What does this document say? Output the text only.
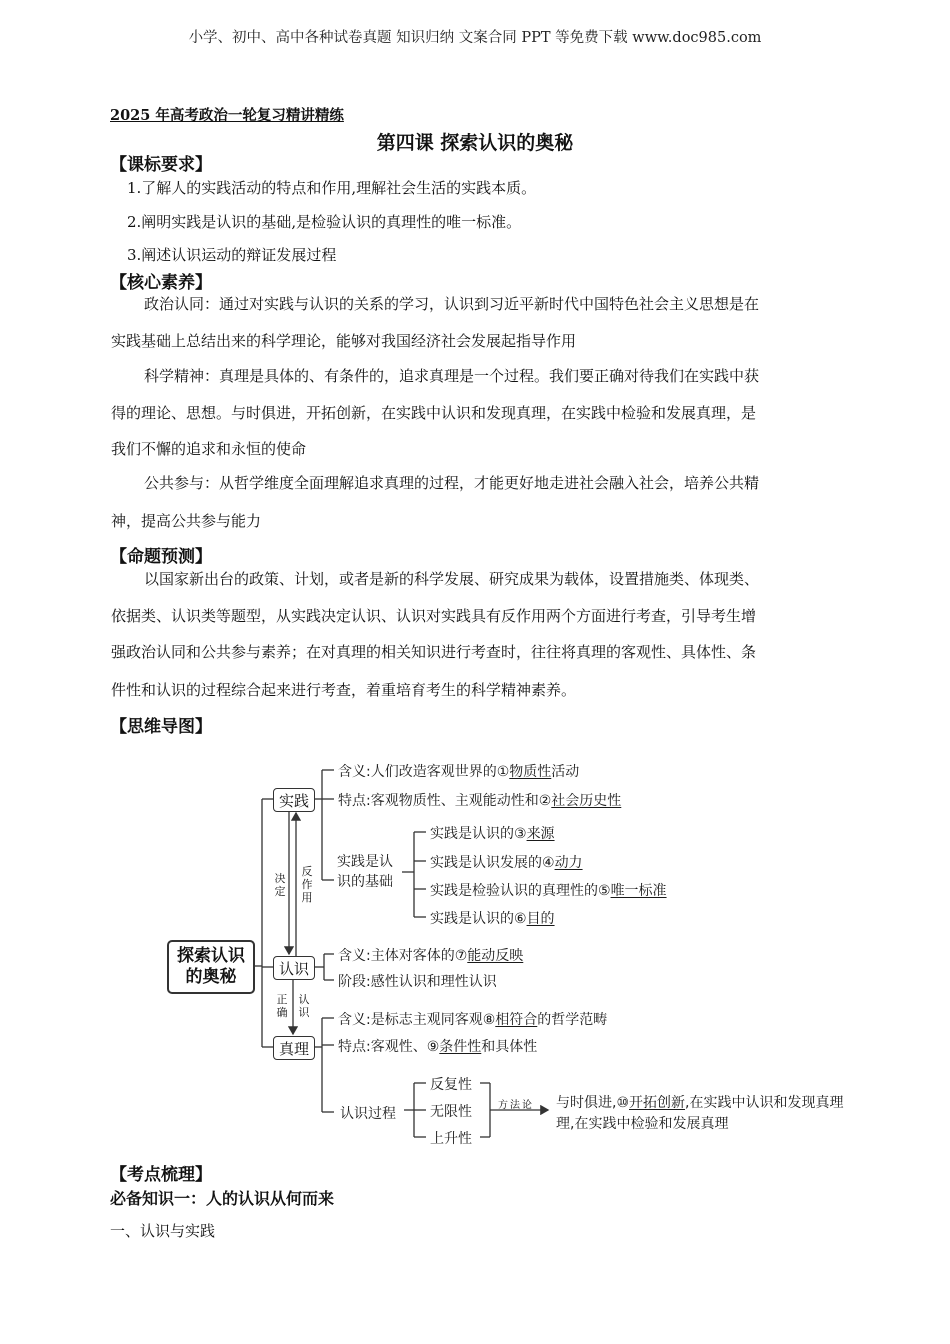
小学、初中、高中各种试卷真题 知识归纳 文案合同 PPT 等免费下载 www.doc985.com
2025 年高考政治一轮复习精讲精练
第四课 探索认识的奥秘
【课标要求】
1.了解人的实践活动的特点和作用,理解社会生活的实践本质。
2.阐明实践是认识的基础,是检验认识的真理性的唯一标准。
3.阐述认识运动的辩证发展过程
【核心素养】
政治认同：通过对实践与认识的关系的学习，认识到习近平新时代中国特色社会主义思想是在
实践基础上总结出来的科学理论，能够对我国经济社会发展起指导作用
科学精神：真理是具体的、有条件的，追求真理是一个过程。我们要正确对待我们在实践中获
得的理论、思想。与时俱进，开拓创新，在实践中认识和发现真理，在实践中检验和发展真理，是
我们不懈的追求和永恒的使命
公共参与：从哲学维度全面理解追求真理的过程，才能更好地走进社会融入社会，培养公共精
神，提高公共参与能力
【命题预测】
以国家新出台的政策、计划，或者是新的科学发展、研究成果为载体，设置措施类、体现类、
依据类、认识类等题型，从实践决定认识、认识对实践具有反作用两个方面进行考查，引导考生增
强政治认同和公共参与素养；在对真理的相关知识进行考查时，往往将真理的客观性、具体性、条
件性和认识的过程综合起来进行考查，着重培育考生的科学精神素养。
【思维导图】
探索认识
的奥秘
实践
含义:人们改造客观世界的①物质性活动
特点:客观物质性、主观能动性和②社会历史性
实践是认
识的基础
实践是认识的③来源
实践是认识发展的④动力
实践是检验认识的真理性的⑤唯一标准
实践是认识的⑥目的
决定
反作用
正确
认识
认识
含义:主体对客体的⑦能动反映
阶段:感性认识和理性认识
真理
含义:是标志主观同客观⑧相符合的哲学范畴
特点:客观性、⑨条件性和具体性
认识过程
反复性
无限性
上升性
方法论 与时俱进,⑩开拓创新,在实践中认识和发现真理
理,在实践中检验和发展真理
【考点梳理】
必备知识一：人的认识从何而来
一、认识与实践
